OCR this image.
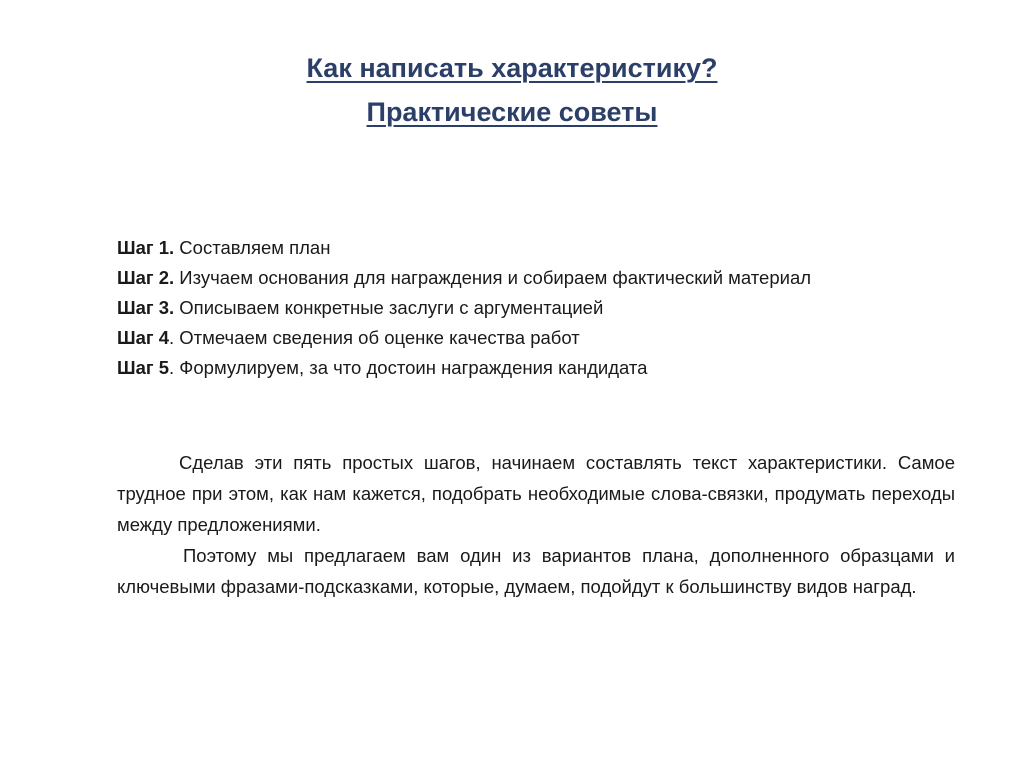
Как написать характеристику?
Практические советы
Шаг 1. Составляем план
Шаг 2. Изучаем основания для награждения и собираем фактический материал
Шаг 3. Описываем конкретные заслуги с аргументацией
Шаг 4. Отмечаем сведения об оценке качества работ
Шаг 5. Формулируем, за что достоин награждения кандидата

Сделав эти пять простых шагов, начинаем составлять текст характеристики. Самое трудное при этом, как нам кажется, подобрать необходимые слова-связки, продумать переходы между предложениями.

Поэтому мы предлагаем вам один из вариантов плана, дополненного образцами и ключевыми фразами-подсказками, которые, думаем, подойдут к большинству видов наград.
